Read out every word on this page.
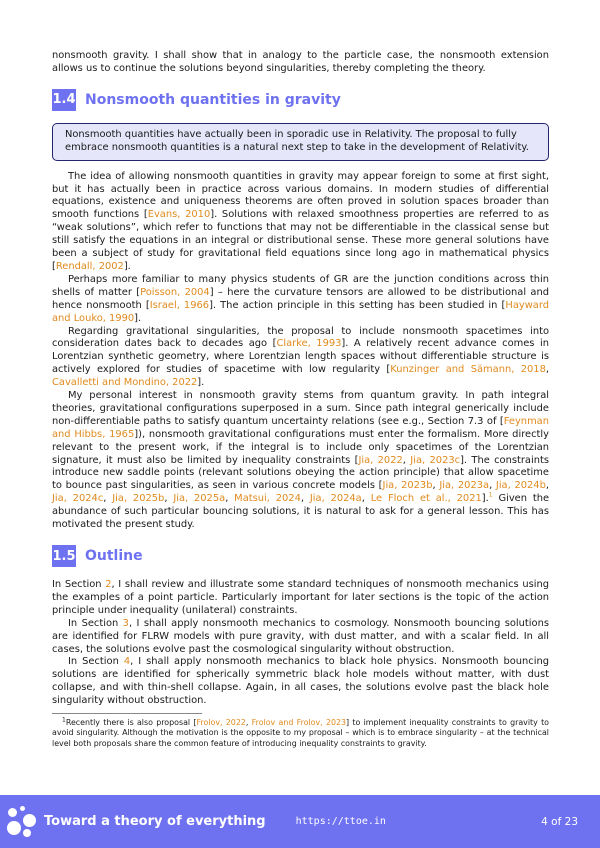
nonsmooth gravity. I shall show that in analogy to the particle case, the nonsmooth extension allows us to continue the solutions beyond singularities, thereby completing the theory.

1.4 Nonsmooth quantities in gravity

Nonsmooth quantities have actually been in sporadic use in Relativity. The proposal to fully embrace nonsmooth quantities is a natural next step to take in the development of Relativity.

The idea of allowing nonsmooth quantities in gravity may appear foreign to some at first sight, but it has actually been in practice across various domains. In modern studies of differential equations, existence and uniqueness theorems are often proved in solution spaces broader than smooth functions [Evans, 2010]. Solutions with relaxed smoothness properties are referred to as “weak solutions”, which refer to functions that may not be differentiable in the classical sense but still satisfy the equations in an integral or distributional sense. These more general solutions have been a subject of study for gravitational field equations since long ago in mathematical physics [Rendall, 2002].

Perhaps more familiar to many physics students of GR are the junction conditions across thin shells of matter [Poisson, 2004] – here the curvature tensors are allowed to be distributional and hence nonsmooth [Israel, 1966]. The action principle in this setting has been studied in [Hayward and Louko, 1990].

Regarding gravitational singularities, the proposal to include nonsmooth spacetimes into consideration dates back to decades ago [Clarke, 1993]. A relatively recent advance comes in Lorentzian synthetic geometry, where Lorentzian length spaces without differentiable structure is actively explored for studies of spacetime with low regularity [Kunzinger and Sämann, 2018, Cavalletti and Mondino, 2022].

My personal interest in nonsmooth gravity stems from quantum gravity. In path integral theories, gravitational configurations superposed in a sum. Since path integral generically include non-differentiable paths to satisfy quantum uncertainty relations (see e.g., Section 7.3 of [Feynman and Hibbs, 1965]), nonsmooth gravitational configurations must enter the formalism. More directly relevant to the present work, if the integral is to include only spacetimes of the Lorentzian signature, it must also be limited by inequality constraints [Jia, 2022, Jia, 2023c]. The constraints introduce new saddle points (relevant solutions obeying the action principle) that allow spacetime to bounce past singularities, as seen in various concrete models [Jia, 2023b, Jia, 2023a, Jia, 2024b, Jia, 2024c, Jia, 2025b, Jia, 2025a, Matsui, 2024, Jia, 2024a, Le Floch et al., 2021].$^1$ Given the abundance of such particular bouncing solutions, it is natural to ask for a general lesson. This has motivated the present study.

1.5 Outline

In Section 2, I shall review and illustrate some standard techniques of nonsmooth mechanics using the examples of a point particle. Particularly important for later sections is the topic of the action principle under inequality (unilateral) constraints.

In Section 3, I shall apply nonsmooth mechanics to cosmology. Nonsmooth bouncing solutions are identified for FLRW models with pure gravity, with dust matter, and with a scalar field. In all cases, the solutions evolve past the cosmological singularity without obstruction.

In Section 4, I shall apply nonsmooth mechanics to black hole physics. Nonsmooth bouncing solutions are identified for spherically symmetric black hole models without matter, with dust collapse, and with thin-shell collapse. Again, in all cases, the solutions evolve past the black hole singularity without obstruction.

$^1$Recently there is also proposal [Frolov, 2022, Frolov and Frolov, 2023] to implement inequality constraints to gravity to avoid singularity. Although the motivation is the opposite to my proposal – which is to embrace singularity – at the technical level both proposals share the common feature of introducing inequality constraints to gravity.

Toward a theory of everything	https://ttoe.in	4 of 23
